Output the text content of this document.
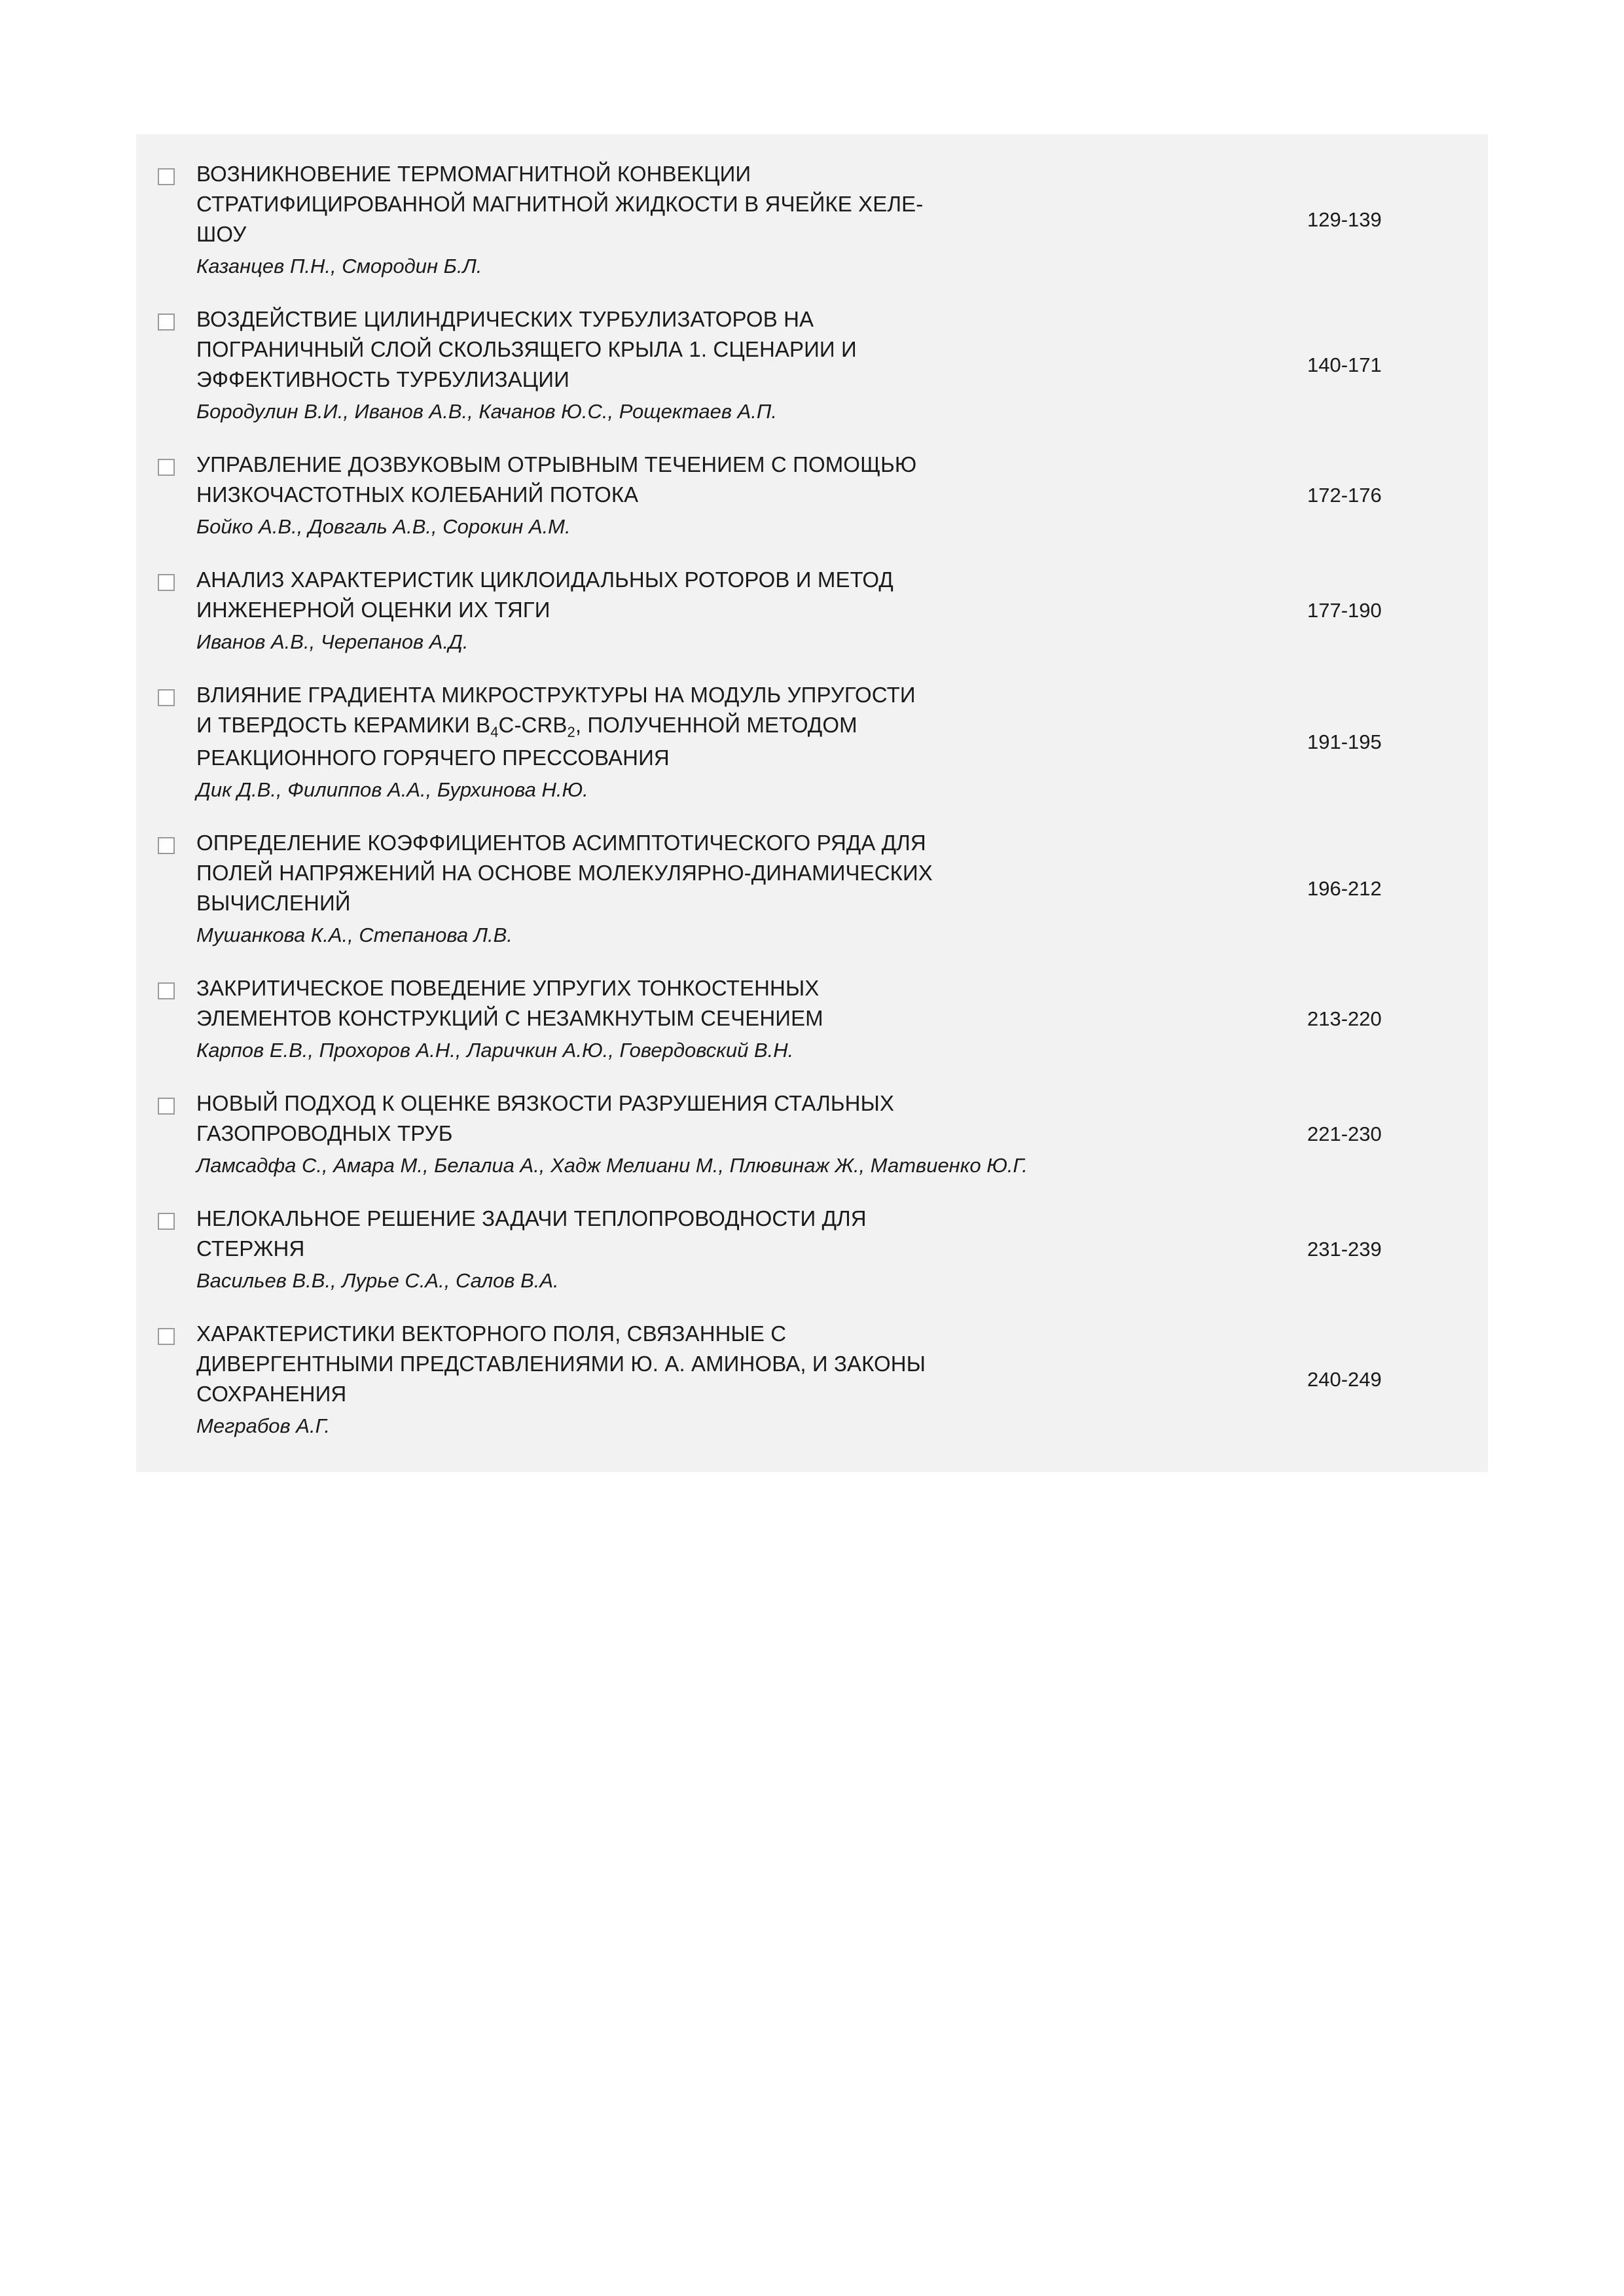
ВОЗНИКНОВЕНИЕ ТЕРМОМАГНИТНОЙ КОНВЕКЦИИ
СТРАТИФИЦИРОВАННОЙ МАГНИТНОЙ ЖИДКОСТИ В ЯЧЕЙКЕ ХЕЛЕ-
ШОУ
Казанцев П.Н., Смородин Б.Л.
129-139
ВОЗДЕЙСТВИЕ ЦИЛИНДРИЧЕСКИХ ТУРБУЛИЗАТОРОВ НА
ПОГРАНИЧНЫЙ СЛОЙ СКОЛЬЗЯЩЕГО КРЫЛА 1. СЦЕНАРИИ И
ЭФФЕКТИВНОСТЬ ТУРБУЛИЗАЦИИ
Бородулин В.И., Иванов А.В., Качанов Ю.С., Рощектаев А.П.
140-171
УПРАВЛЕНИЕ ДОЗВУКОВЫМ ОТРЫВНЫМ ТЕЧЕНИЕМ С ПОМОЩЬЮ
НИЗКОЧАСТОТНЫХ КОЛЕБАНИЙ ПОТОКА
Бойко А.В., Довгаль А.В., Сорокин А.М.
172-176
АНАЛИЗ ХАРАКТЕРИСТИК ЦИКЛОИДАЛЬНЫХ РОТОРОВ И МЕТОД
ИНЖЕНЕРНОЙ ОЦЕНКИ ИХ ТЯГИ
Иванов А.В., Черепанов А.Д.
177-190
ВЛИЯНИЕ ГРАДИЕНТА МИКРОСТРУКТУРЫ НА МОДУЛЬ УПРУГОСТИ
И ТВЕРДОСТЬ КЕРАМИКИ $B_4C-CRB_2$, ПОЛУЧЕННОЙ МЕТОДОМ
РЕАКЦИОННОГО ГОРЯЧЕГО ПРЕССОВАНИЯ
Дик Д.В., Филиппов А.А., Бурхинова Н.Ю.
191-195
ОПРЕДЕЛЕНИЕ КОЭФФИЦИЕНТОВ АСИМПТОТИЧЕСКОГО РЯДА ДЛЯ
ПОЛЕЙ НАПРЯЖЕНИЙ НА ОСНОВЕ МОЛЕКУЛЯРНО-ДИНАМИЧЕСКИХ
ВЫЧИСЛЕНИЙ
Мушанкова К.А., Степанова Л.В.
196-212
ЗАКРИТИЧЕСКОЕ ПОВЕДЕНИЕ УПРУГИХ ТОНКОСТЕННЫХ
ЭЛЕМЕНТОВ КОНСТРУКЦИЙ С НЕЗАМКНУТЫМ СЕЧЕНИЕМ
Карпов Е.В., Прохоров А.Н., Ларичкин А.Ю., Говердовский В.Н.
213-220
НОВЫЙ ПОДХОД К ОЦЕНКЕ ВЯЗКОСТИ РАЗРУШЕНИЯ СТАЛЬНЫХ
ГАЗОПРОВОДНЫХ ТРУБ
Ламсадфа С., Амара М., Белалиа А., Хадж Мелиани М., Плювинаж Ж., Матвиенко Ю.Г.
221-230
НЕЛОКАЛЬНОЕ РЕШЕНИЕ ЗАДАЧИ ТЕПЛОПРОВОДНОСТИ ДЛЯ
СТЕРЖНЯ
Васильев В.В., Лурье С.А., Салов В.А.
231-239
ХАРАКТЕРИСТИКИ ВЕКТОРНОГО ПОЛЯ, СВЯЗАННЫЕ С
ДИВЕРГЕНТНЫМИ ПРЕДСТАВЛЕНИЯМИ Ю. А. АМИНОВА, И ЗАКОНЫ
СОХРАНЕНИЯ
Меграбов А.Г.
240-249
